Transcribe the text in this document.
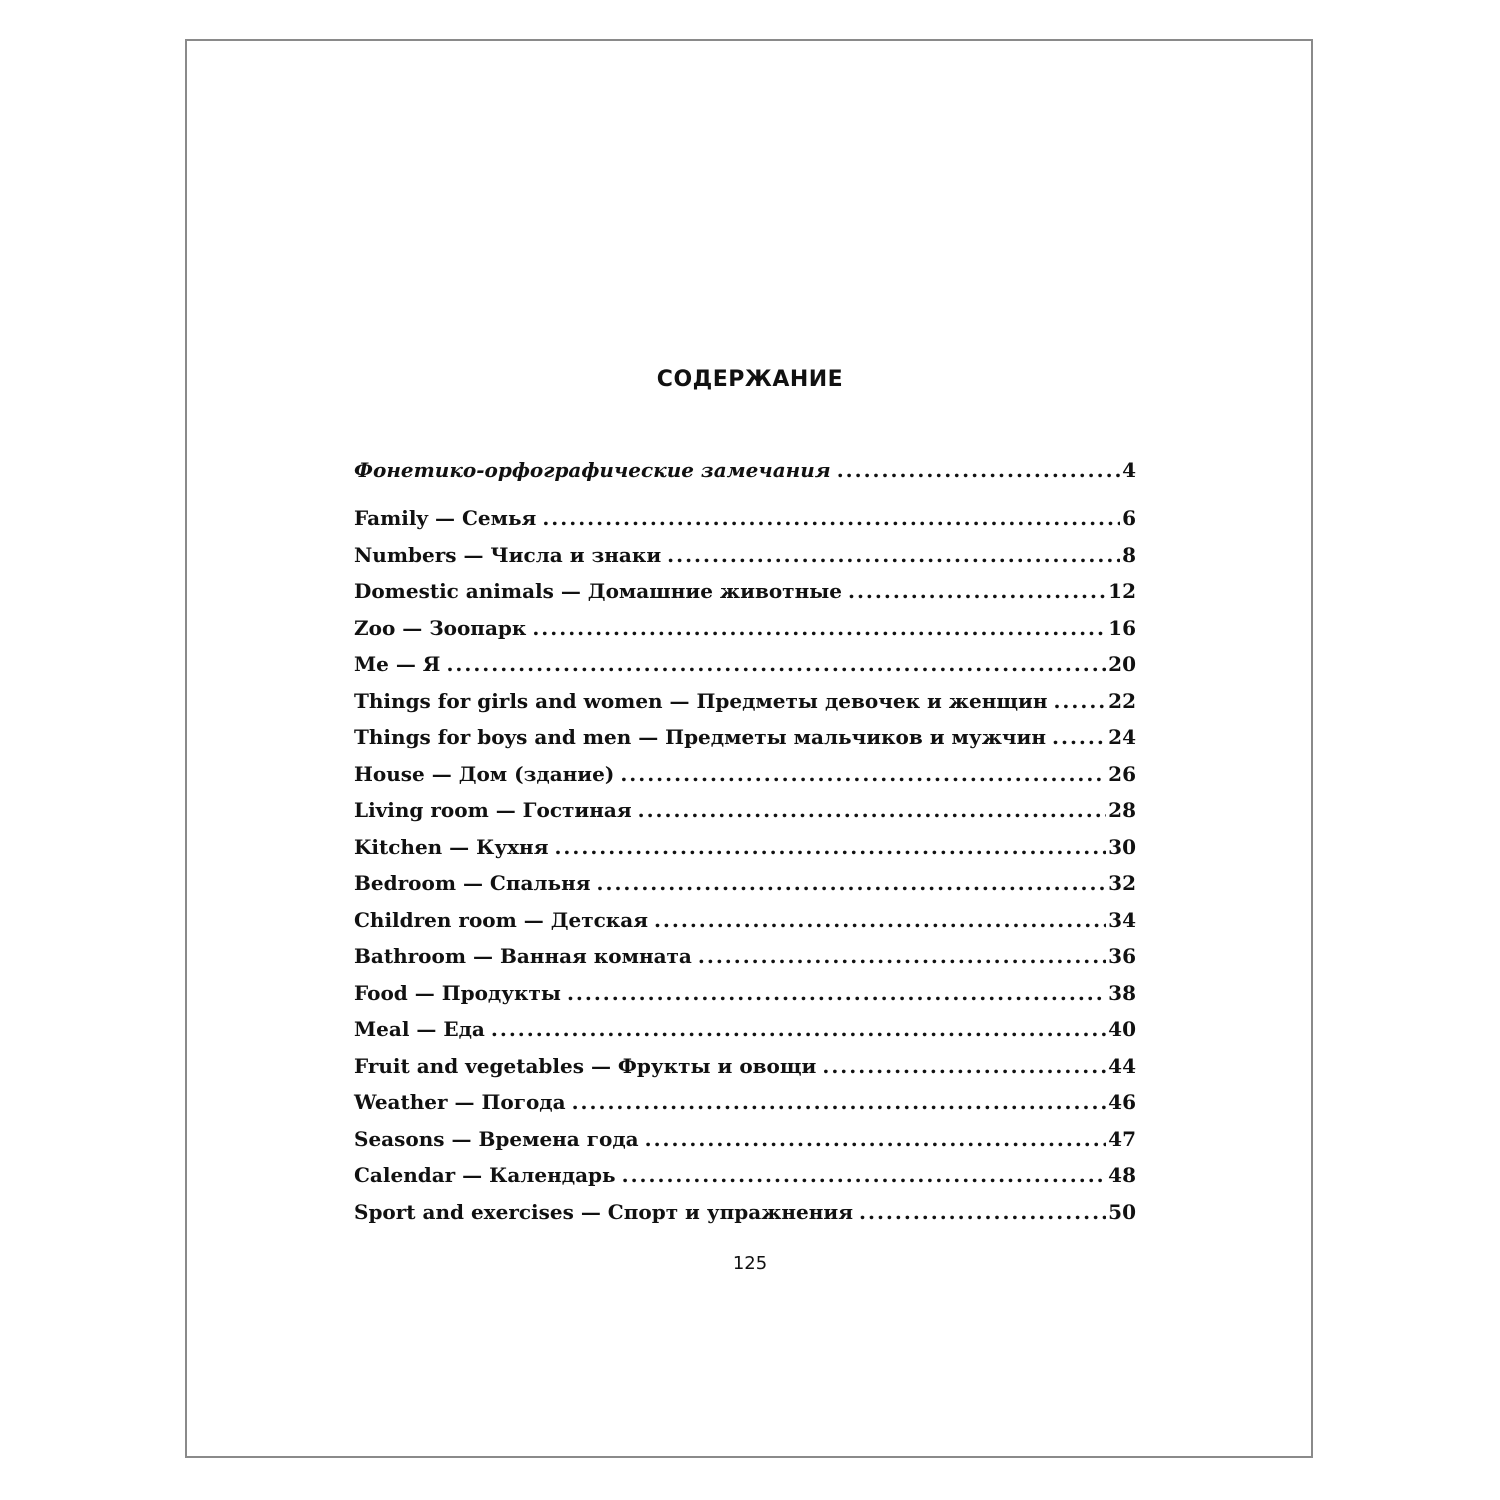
СОДЕРЖАНИЕ
Фонетико-орфографические замечания .....	4
Family — Семья .....	6
Numbers — Числа и знаки .....	8
Domestic animals — Домашние животные .....	12
Zoo — Зоопарк .....	16
Me — Я .....	20
Things for girls and women — Предметы девочек и женщин .....	22
Things for boys and men — Предметы мальчиков и мужчин .....	24
House — Дом (здание) .....	26
Living room — Гостиная .....	28
Kitchen — Кухня .....	30
Bedroom — Спальня .....	32
Children room — Детская .....	34
Bathroom — Ванная комната .....	36
Food — Продукты .....	38
Meal — Еда .....	40
Fruit and vegetables — Фрукты и овощи .....	44
Weather — Погода .....	46
Seasons — Времена года .....	47
Calendar — Календарь .....	48
Sport and exercises — Спорт и упражнения .....	50
125
